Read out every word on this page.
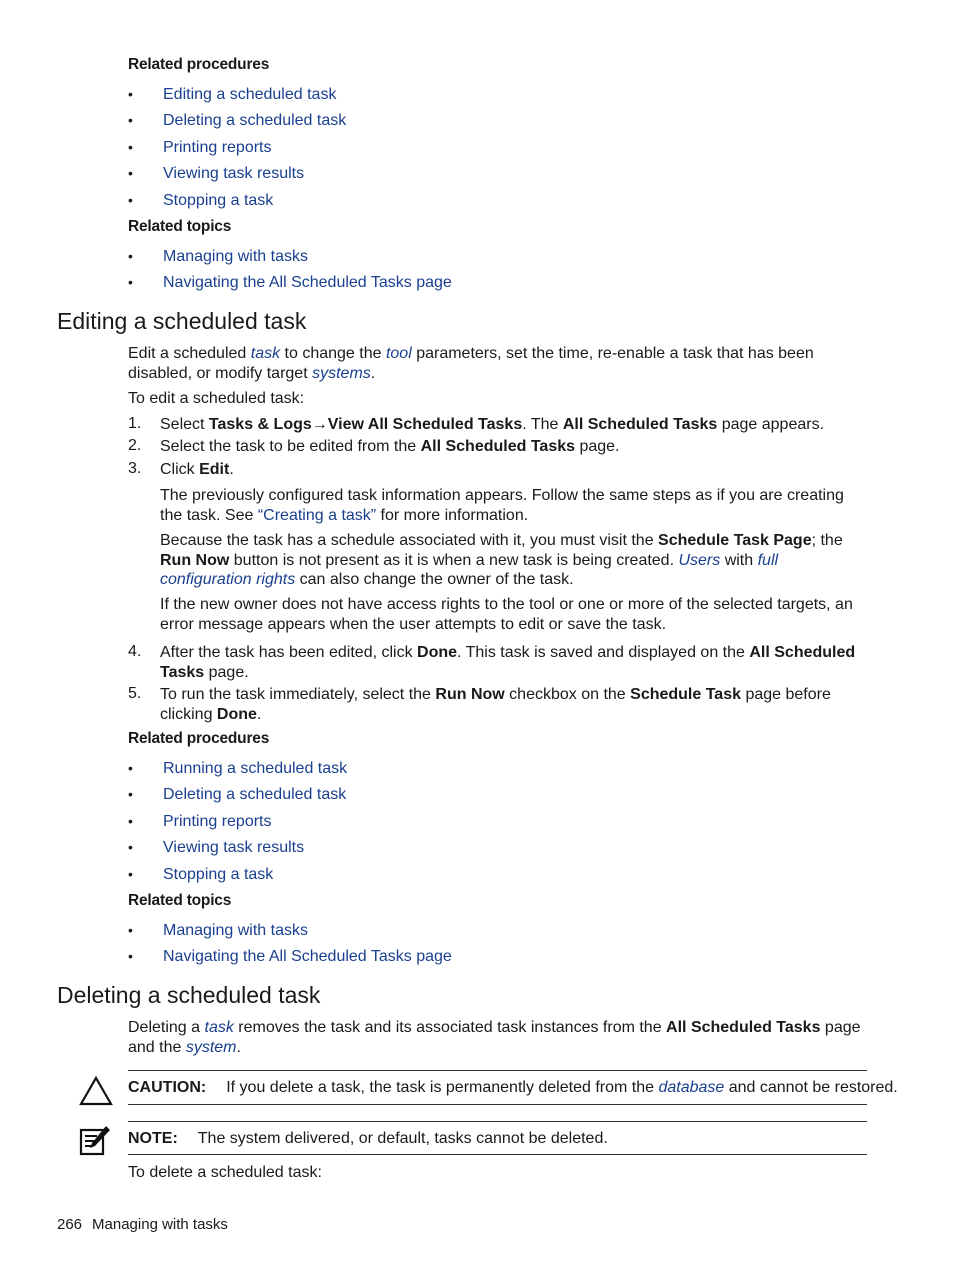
Related procedures
• Editing a scheduled task
• Deleting a scheduled task
• Printing reports
• Viewing task results
• Stopping a task
Related topics
• Managing with tasks
• Navigating the All Scheduled Tasks page
Editing a scheduled task
Edit a scheduled task to change the tool parameters, set the time, re-enable a task that has been disabled, or modify target systems.
To edit a scheduled task:
1. Select Tasks & Logs→View All Scheduled Tasks. The All Scheduled Tasks page appears.
2. Select the task to be edited from the All Scheduled Tasks page.
3. Click Edit.
The previously configured task information appears. Follow the same steps as if you are creating the task. See “Creating a task” for more information.
Because the task has a schedule associated with it, you must visit the Schedule Task Page; the Run Now button is not present as it is when a new task is being created. Users with full configuration rights can also change the owner of the task.
If the new owner does not have access rights to the tool or one or more of the selected targets, an error message appears when the user attempts to edit or save the task.
4. After the task has been edited, click Done. This task is saved and displayed on the All Scheduled Tasks page.
5. To run the task immediately, select the Run Now checkbox on the Schedule Task page before clicking Done.
Related procedures
• Running a scheduled task
• Deleting a scheduled task
• Printing reports
• Viewing task results
• Stopping a task
Related topics
• Managing with tasks
• Navigating the All Scheduled Tasks page
Deleting a scheduled task
Deleting a task removes the task and its associated task instances from the All Scheduled Tasks page and the system.
CAUTION: If you delete a task, the task is permanently deleted from the database and cannot be restored.
NOTE: The system delivered, or default, tasks cannot be deleted.
To delete a scheduled task:
266 Managing with tasks
